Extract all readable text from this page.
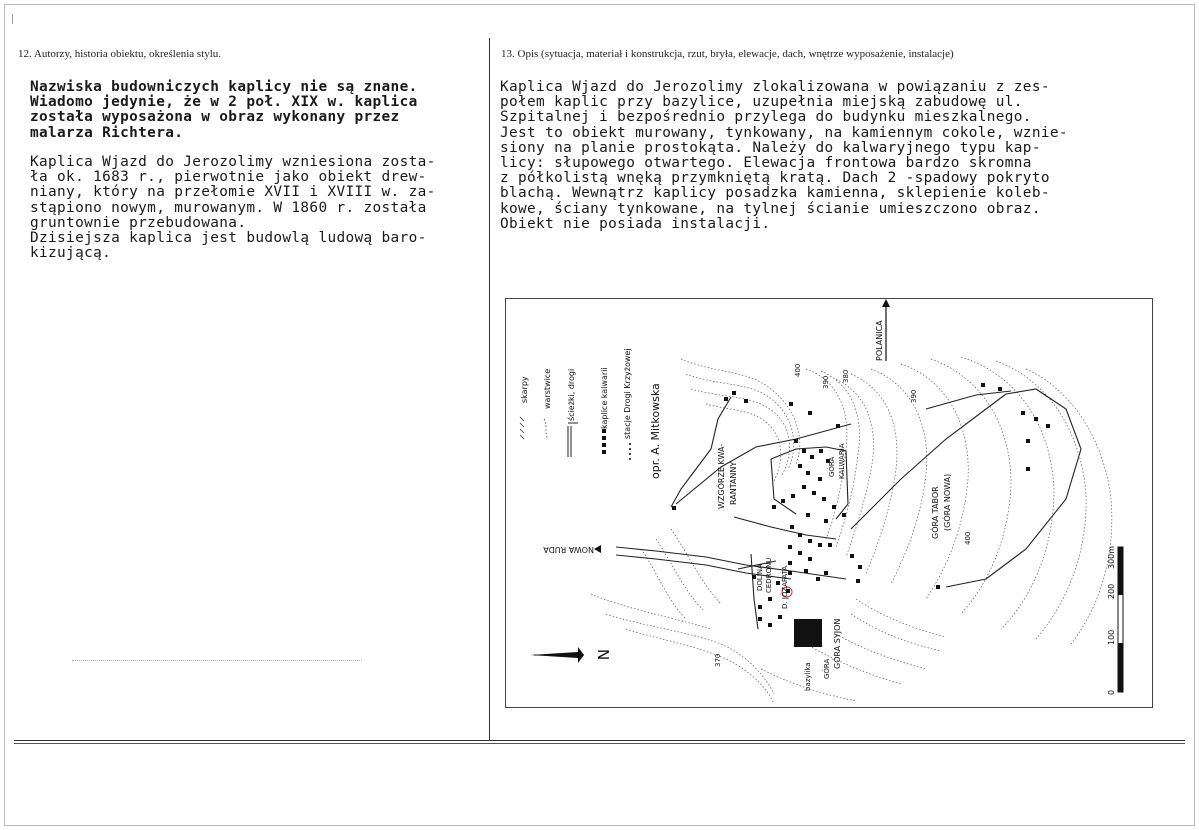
12. Autorzy, historia obiektu, określenia stylu.
Nazwiska budowniczych kaplicy nie są znane.
Wiadomo jedynie, że w 2 poł. XIX w. kaplica
została wyposażona w obraz wykonany przez
malarza Richtera.
Kaplica Wjazd do Jerozolimy wzniesiona zosta-
ła ok. 1683 r., pierwotnie jako obiekt drew-
niany, który na przełomie XVII i XVIII w. za-
stąpiono nowym, murowanym. W 1860 r. została
gruntownie przebudowana.
Dzisiejsza kaplica jest budowlą ludową baro-
kizującą.
13. Opis (sytuacja, materiał i konstrukcja, rzut, bryła, elewacje, dach, wnętrze wyposażenie, instalacje)
Kaplica Wjazd do Jerozolimy zlokalizowana w powiązaniu z zes-
połem kaplic przy bazylice, uzupełnia miejską zabudowę ul.
Szpitalnej i bezpośrednio przylega do budynku mieszkalnego.
Jest to obiekt murowany, tynkowany, na kamiennym cokole, wznie-
siony na planie prostokąta. Należy do kalwaryjnego typu kap-
licy: słupowego otwartego. Elewacja frontowa bardzo skromna
z półkolistą wnęką przymkniętą kratą. Dach 2 -spadowy pokryto
blachą. Wewnątrz kaplicy posadzka kamienna, sklepienie koleb-
kowe, ściany tynkowane, na tylnej ścianie umieszczono obraz.
Obiekt nie posiada instalacji.
POLANICA
NOWA RUDA
WZGÓRZE KWA- RANTANNY	GÓRA KALWARIA
GÓRA TABOR (GÓRA NOWA)
DOLINA CEDRONU D. JÓZAFATA
GÓRA SYJON
GÓRA
bazylika
400
390 380
390
400
370
skarpy warstwice ścieżki, drogi	kaplice kalwarii stacje Drogi Krzyżowej opr. A. Mitkowska
N
300m
200
100
0
